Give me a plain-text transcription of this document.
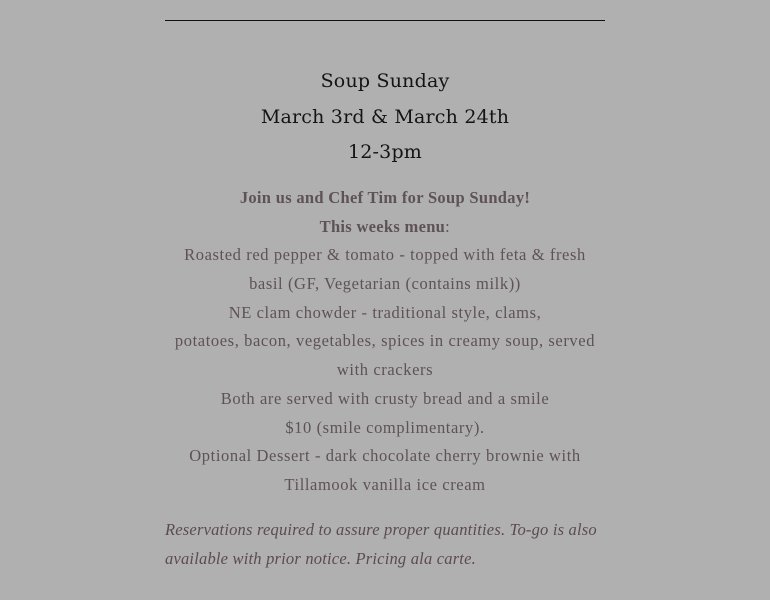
Soup Sunday
March 3rd & March 24th
12-3pm
Join us and Chef Tim for Soup Sunday!
This weeks menu:
Roasted red pepper & tomato - topped with feta & fresh
basil (GF, Vegetarian (contains milk))
NE clam chowder - traditional style, clams,
potatoes, bacon, vegetables, spices in creamy soup, served
with crackers
Both are served with crusty bread and a smile
$10 (smile complimentary).
Optional Dessert - dark chocolate cherry brownie with
Tillamook vanilla ice cream
Reservations required to assure proper quantities. To-go is also
available with prior notice. Pricing ala carte.
